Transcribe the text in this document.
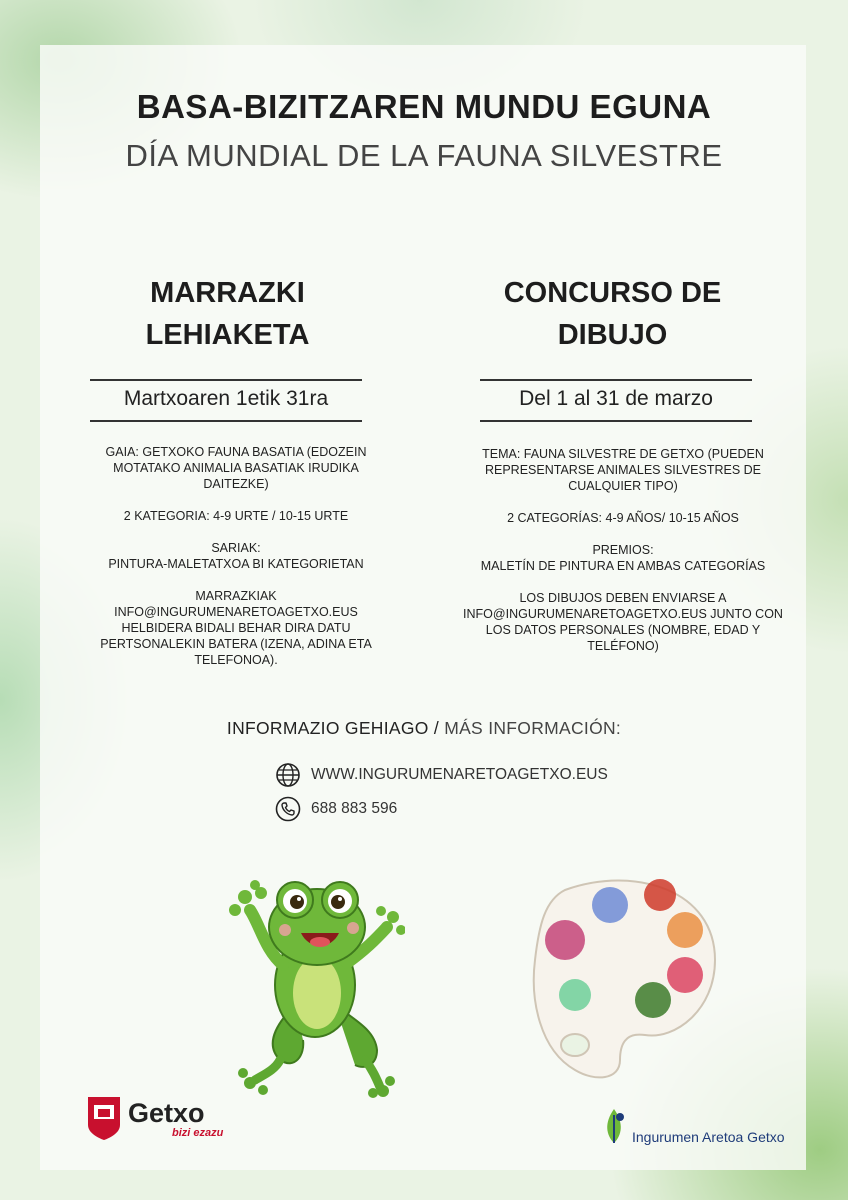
BASA-BIZITZAREN MUNDU EGUNA
DÍA MUNDIAL DE LA FAUNA SILVESTRE
MARRAZKI
LEHIAKETA
Martxoaren 1etik 31ra

GAIA: GETXOKO FAUNA BASATIA (EDOZEIN MOTATAKO ANIMALIA BASATIAK IRUDIKA DAITEZKE)

2 KATEGORIA: 4-9 URTE / 10-15 URTE

SARIAK:
PINTURA-MALETATXOA BI KATEGORIETAN

MARRAZKIAK INFO@INGURUMENARETOAGETXO.EUS HELBIDERA BIDALI BEHAR DIRA DATU PERTSONALEKIN BATERA (IZENA, ADINA ETA TELEFONOA).

CONCURSO DE
DIBUJO
Del 1 al 31 de marzo

TEMA: FAUNA SILVESTRE DE GETXO (PUEDEN REPRESENTARSE ANIMALES SILVESTRES DE CUALQUIER TIPO)

2 CATEGORÍAS: 4-9 AÑOS/ 10-15 AÑOS

PREMIOS:
MALETÍN DE PINTURA EN AMBAS CATEGORÍAS

LOS DIBUJOS DEBEN ENVIARSE A INFO@INGURUMENARETOAGETXO.EUS JUNTO CON LOS DATOS PERSONALES (NOMBRE, EDAD Y TELÉFONO)

INFORMAZIO GEHIAGO / MÁS INFORMACIÓN:
WWW.INGURUMENARETOAGETXO.EUS
688 883 596
Getxo
bizi ezazu	Ingurumen Aretoa Getxo
